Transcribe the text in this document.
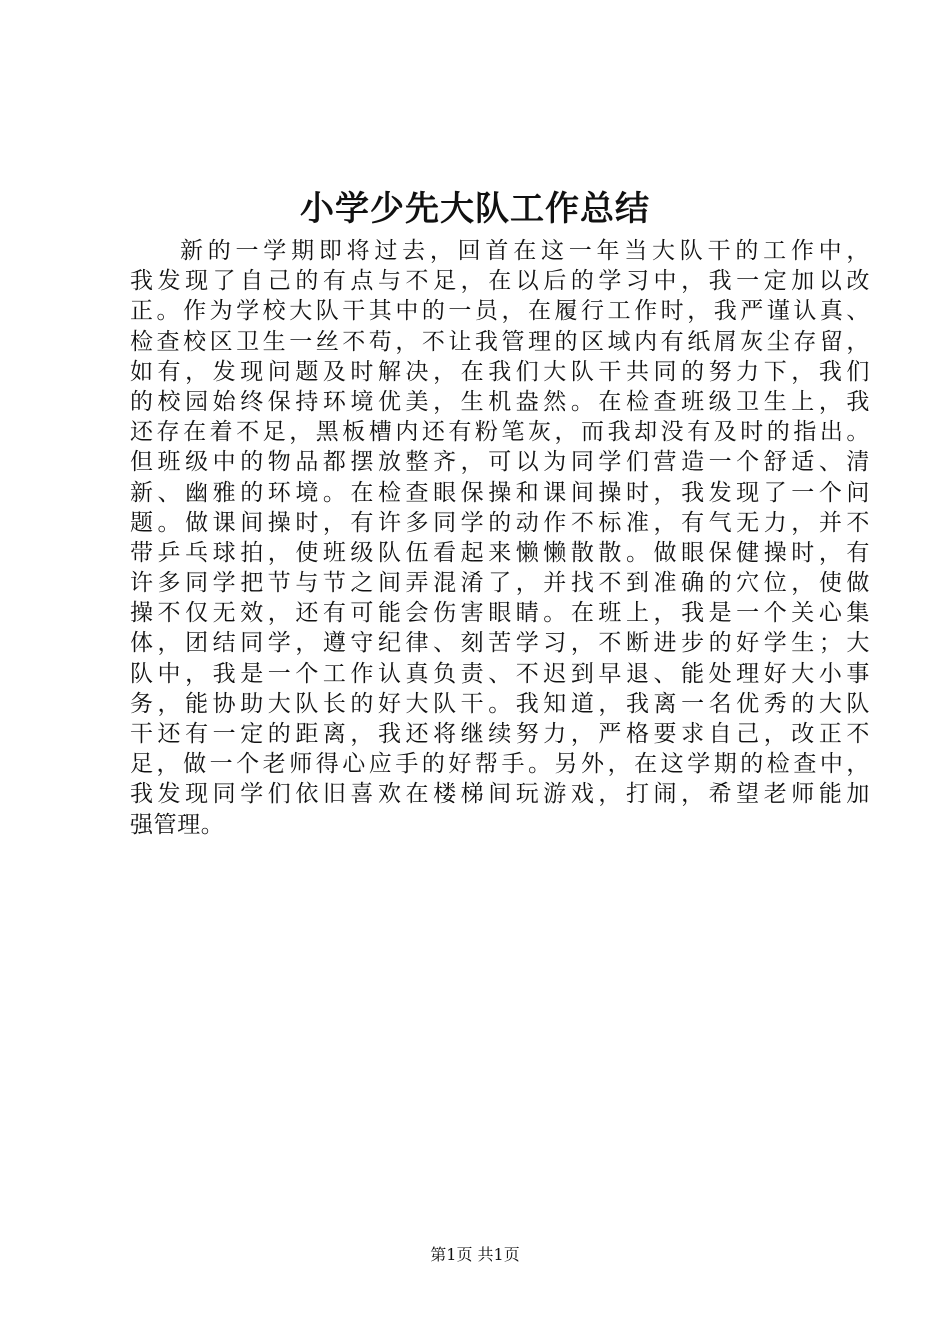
小学少先大队工作总结
新的一学期即将过去，回首在这一年当大队干的工作中，
我发现了自己的有点与不足，在以后的学习中，我一定加以改
正。作为学校大队干其中的一员，在履行工作时，我严谨认真、
检查校区卫生一丝不苟，不让我管理的区域内有纸屑灰尘存留，
如有，发现问题及时解决，在我们大队干共同的努力下，我们
的校园始终保持环境优美，生机盎然。在检查班级卫生上，我
还存在着不足，黑板槽内还有粉笔灰，而我却没有及时的指出。
但班级中的物品都摆放整齐，可以为同学们营造一个舒适、清
新、幽雅的环境。在检查眼保操和课间操时，我发现了一个问
题。做课间操时，有许多同学的动作不标准，有气无力，并不
带乒乓球拍，使班级队伍看起来懒懒散散。做眼保健操时，有
许多同学把节与节之间弄混淆了，并找不到准确的穴位，使做
操不仅无效，还有可能会伤害眼睛。在班上，我是一个关心集
体，团结同学，遵守纪律、刻苦学习，不断进步的好学生；大
队中，我是一个工作认真负责、不迟到早退、能处理好大小事
务，能协助大队长的好大队干。我知道，我离一名优秀的大队
干还有一定的距离，我还将继续努力，严格要求自己，改正不
足，做一个老师得心应手的好帮手。另外，在这学期的检查中，
我发现同学们依旧喜欢在楼梯间玩游戏，打闹，希望老师能加
强管理。
第1页 共1页
